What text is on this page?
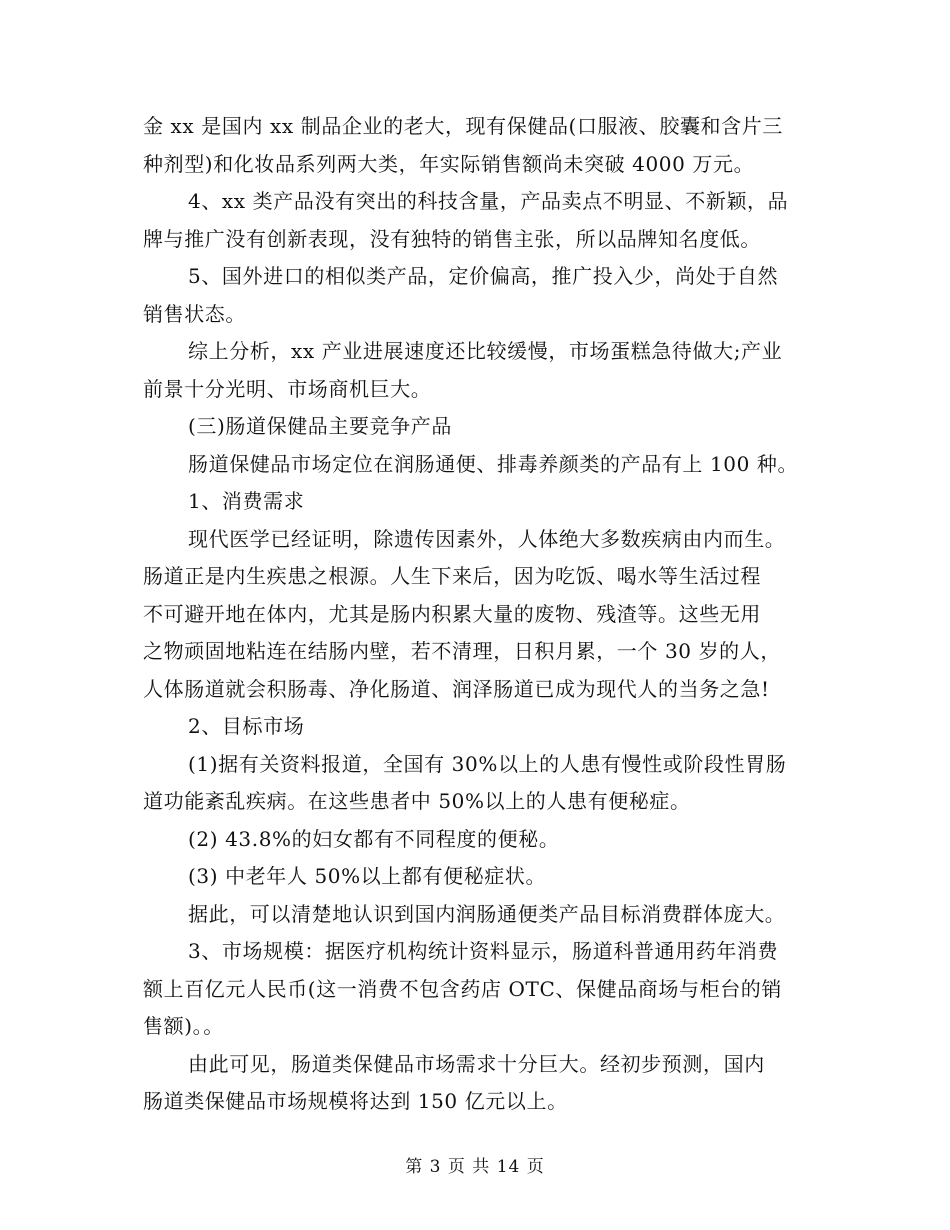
金 xx 是国内 xx 制品企业的老大，现有保健品(口服液、胶囊和含片三
种剂型)和化妆品系列两大类，年实际销售额尚未突破 4000 万元。
4、xx 类产品没有突出的科技含量，产品卖点不明显、不新颖，品
牌与推广没有创新表现，没有独特的销售主张，所以品牌知名度低。
5、国外进口的相似类产品，定价偏高，推广投入少，尚处于自然
销售状态。
综上分析，xx 产业进展速度还比较缓慢，市场蛋糕急待做大;产业
前景十分光明、市场商机巨大。
(三)肠道保健品主要竞争产品
肠道保健品市场定位在润肠通便、排毒养颜类的产品有上 100 种。
1、消费需求
现代医学已经证明，除遗传因素外，人体绝大多数疾病由内而生。
肠道正是内生疾患之根源。人生下来后，因为吃饭、喝水等生活过程
不可避开地在体内，尤其是肠内积累大量的废物、残渣等。这些无用
之物顽固地粘连在结肠内壁，若不清理，日积月累，一个 30 岁的人，
人体肠道就会积肠毒、净化肠道、润泽肠道已成为现代人的当务之急!
2、目标市场
(1)据有关资料报道，全国有 30%以上的人患有慢性或阶段性胃肠
道功能紊乱疾病。在这些患者中 50%以上的人患有便秘症。
(2) 43.8%的妇女都有不同程度的便秘。
(3) 中老年人 50%以上都有便秘症状。
据此，可以清楚地认识到国内润肠通便类产品目标消费群体庞大。
3、市场规模：据医疗机构统计资料显示，肠道科普通用药年消费
额上百亿元人民币(这一消费不包含药店 OTC、保健品商场与柜台的销
售额)。。
由此可见，肠道类保健品市场需求十分巨大。经初步预测，国内
肠道类保健品市场规模将达到 150 亿元以上。
第 3 页 共 14 页
